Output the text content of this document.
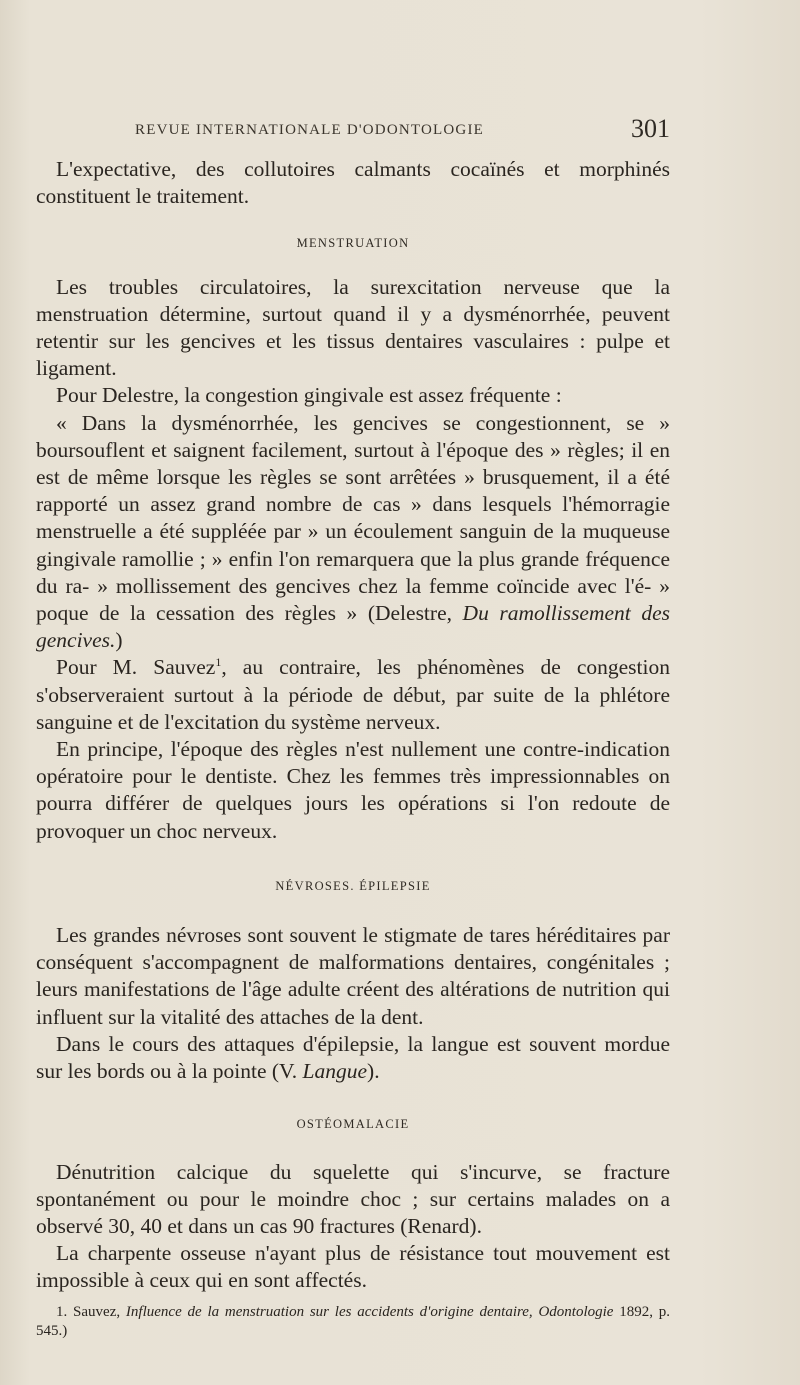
REVUE INTERNATIONALE D'ODONTOLOGIE	301

L'expectative, des collutoires calmants cocaïnés et morphinés constituent le traitement.

MENSTRUATION

Les troubles circulatoires, la surexcitation nerveuse que la menstruation détermine, surtout quand il y a dysménorrhée, peuvent retentir sur les gencives et les tissus dentaires vasculaires : pulpe et ligament.

Pour Delestre, la congestion gingivale est assez fréquente :

« Dans la dysménorrhée, les gencives se congestionnent, se » boursouflent et saignent facilement, surtout à l'époque des » règles; il en est de même lorsque les règles se sont arrêtées » brusquement, il a été rapporté un assez grand nombre de cas » dans lesquels l'hémorragie menstruelle a été suppléée par » un écoulement sanguin de la muqueuse gingivale ramollie ; » enfin l'on remarquera que la plus grande fréquence du ra- » mollissement des gencives chez la femme coïncide avec l'é- » poque de la cessation des règles » (Delestre, Du ramollissement des gencives.)

Pour M. Sauvez$^1$, au contraire, les phénomènes de congestion s'observeraient surtout à la période de début, par suite de la phlétore sanguine et de l'excitation du système nerveux.

En principe, l'époque des règles n'est nullement une contre-indication opératoire pour le dentiste. Chez les femmes très impressionnables on pourra différer de quelques jours les opérations si l'on redoute de provoquer un choc nerveux.

NÉVROSES. ÉPILEPSIE

Les grandes névroses sont souvent le stigmate de tares héréditaires par conséquent s'accompagnent de malformations dentaires, congénitales ; leurs manifestations de l'âge adulte créent des altérations de nutrition qui influent sur la vitalité des attaches de la dent.

Dans le cours des attaques d'épilepsie, la langue est souvent mordue sur les bords ou à la pointe (V. Langue).

OSTÉOMALACIE

Dénutrition calcique du squelette qui s'incurve, se fracture spontanément ou pour le moindre choc ; sur certains malades on a observé 30, 40 et dans un cas 90 fractures (Renard).

La charpente osseuse n'ayant plus de résistance tout mouvement est impossible à ceux qui en sont affectés.

1. Sauvez, Influence de la menstruation sur les accidents d'origine dentaire, Odontologie 1892, p. 545.)
